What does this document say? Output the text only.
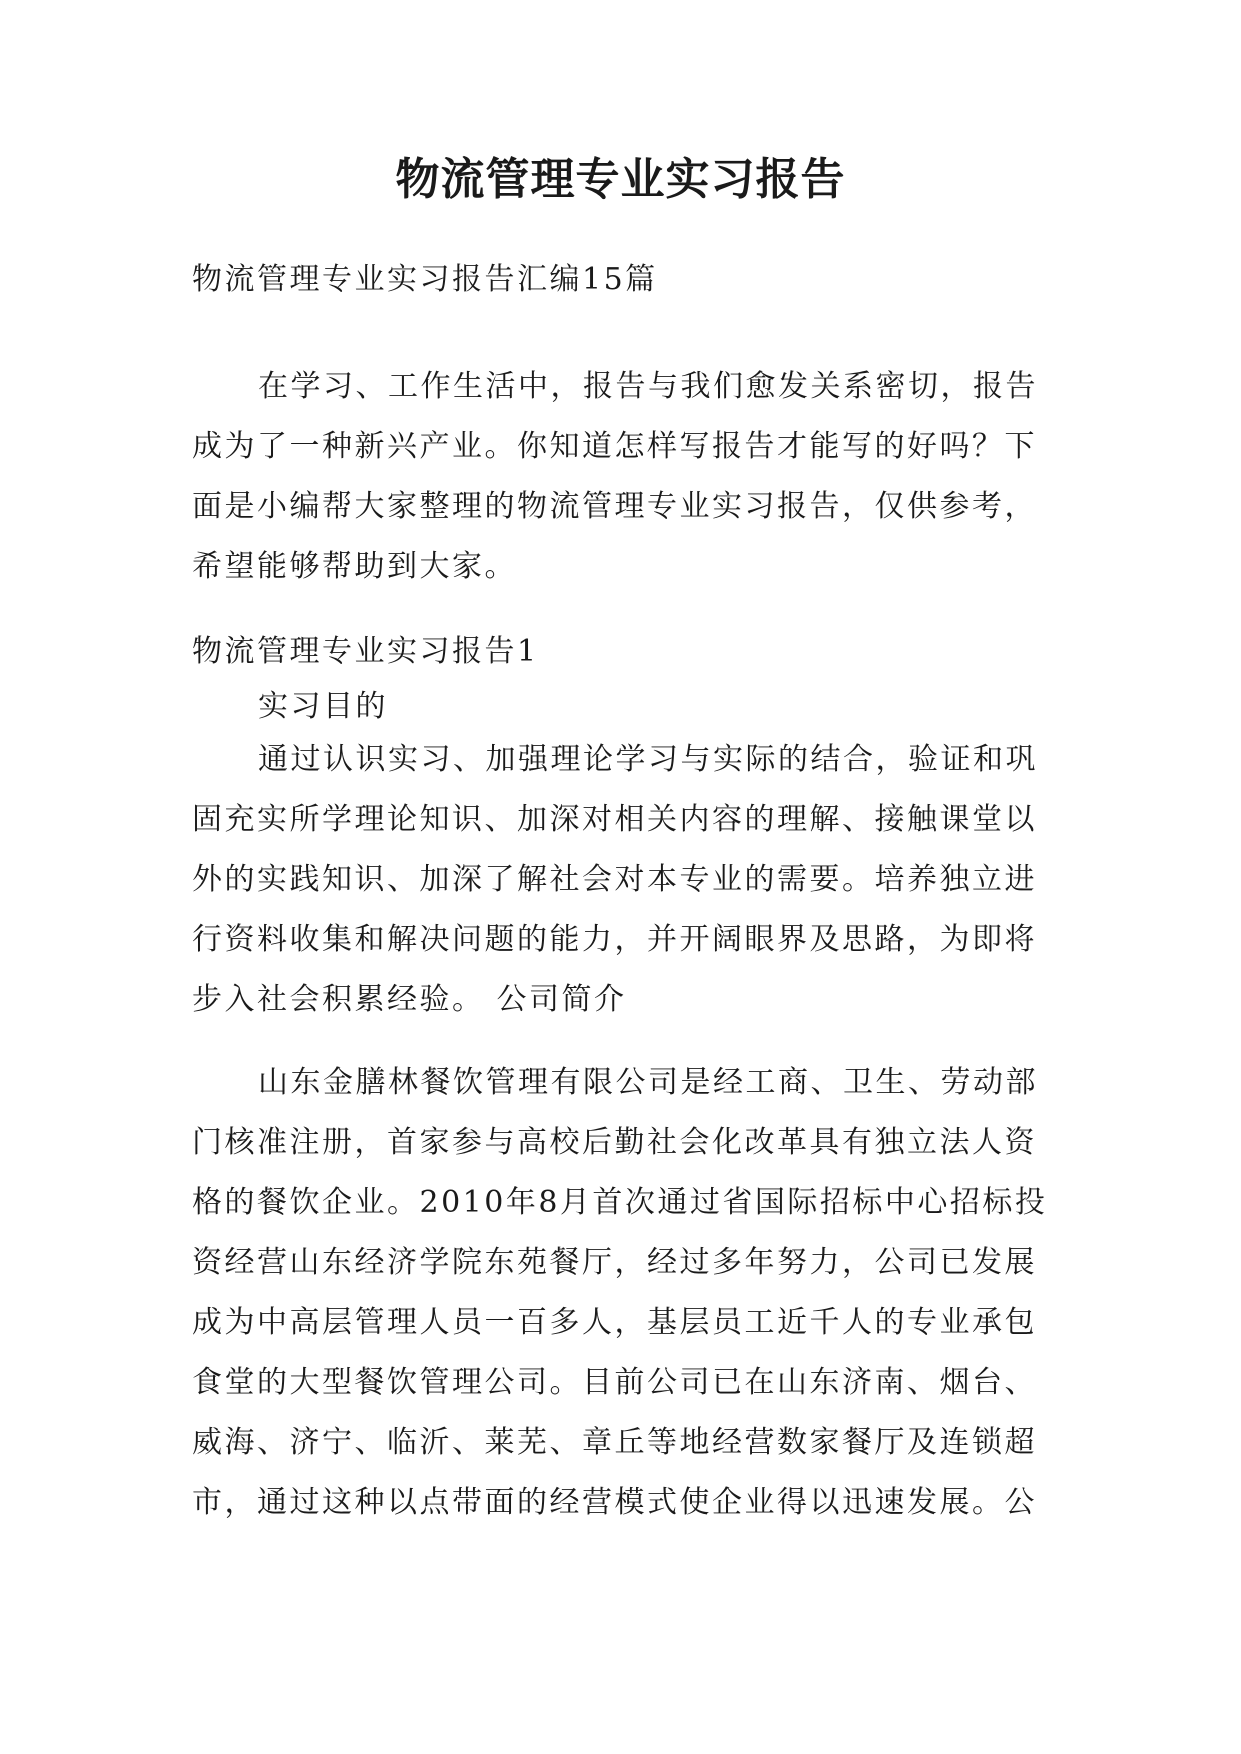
物流管理专业实习报告

物流管理专业实习报告汇编15篇

在学习、工作生活中，报告与我们愈发关系密切，报告
成为了一种新兴产业。你知道怎样写报告才能写的好吗？下
面是小编帮大家整理的物流管理专业实习报告，仅供参考，
希望能够帮助到大家。

物流管理专业实习报告1

实习目的

通过认识实习、加强理论学习与实际的结合，验证和巩
固充实所学理论知识、加深对相关内容的理解、接触课堂以
外的实践知识、加深了解社会对本专业的需要。培养独立进
行资料收集和解决问题的能力，并开阔眼界及思路，为即将
步入社会积累经验。 公司简介

山东金膳林餐饮管理有限公司是经工商、卫生、劳动部
门核准注册，首家参与高校后勤社会化改革具有独立法人资
格的餐饮企业。2010年8月首次通过省国际招标中心招标投
资经营山东经济学院东苑餐厅，经过多年努力，公司已发展
成为中高层管理人员一百多人，基层员工近千人的专业承包
食堂的大型餐饮管理公司。目前公司已在山东济南、烟台、
威海、济宁、临沂、莱芜、章丘等地经营数家餐厅及连锁超
市，通过这种以点带面的经营模式使企业得以迅速发展。公
